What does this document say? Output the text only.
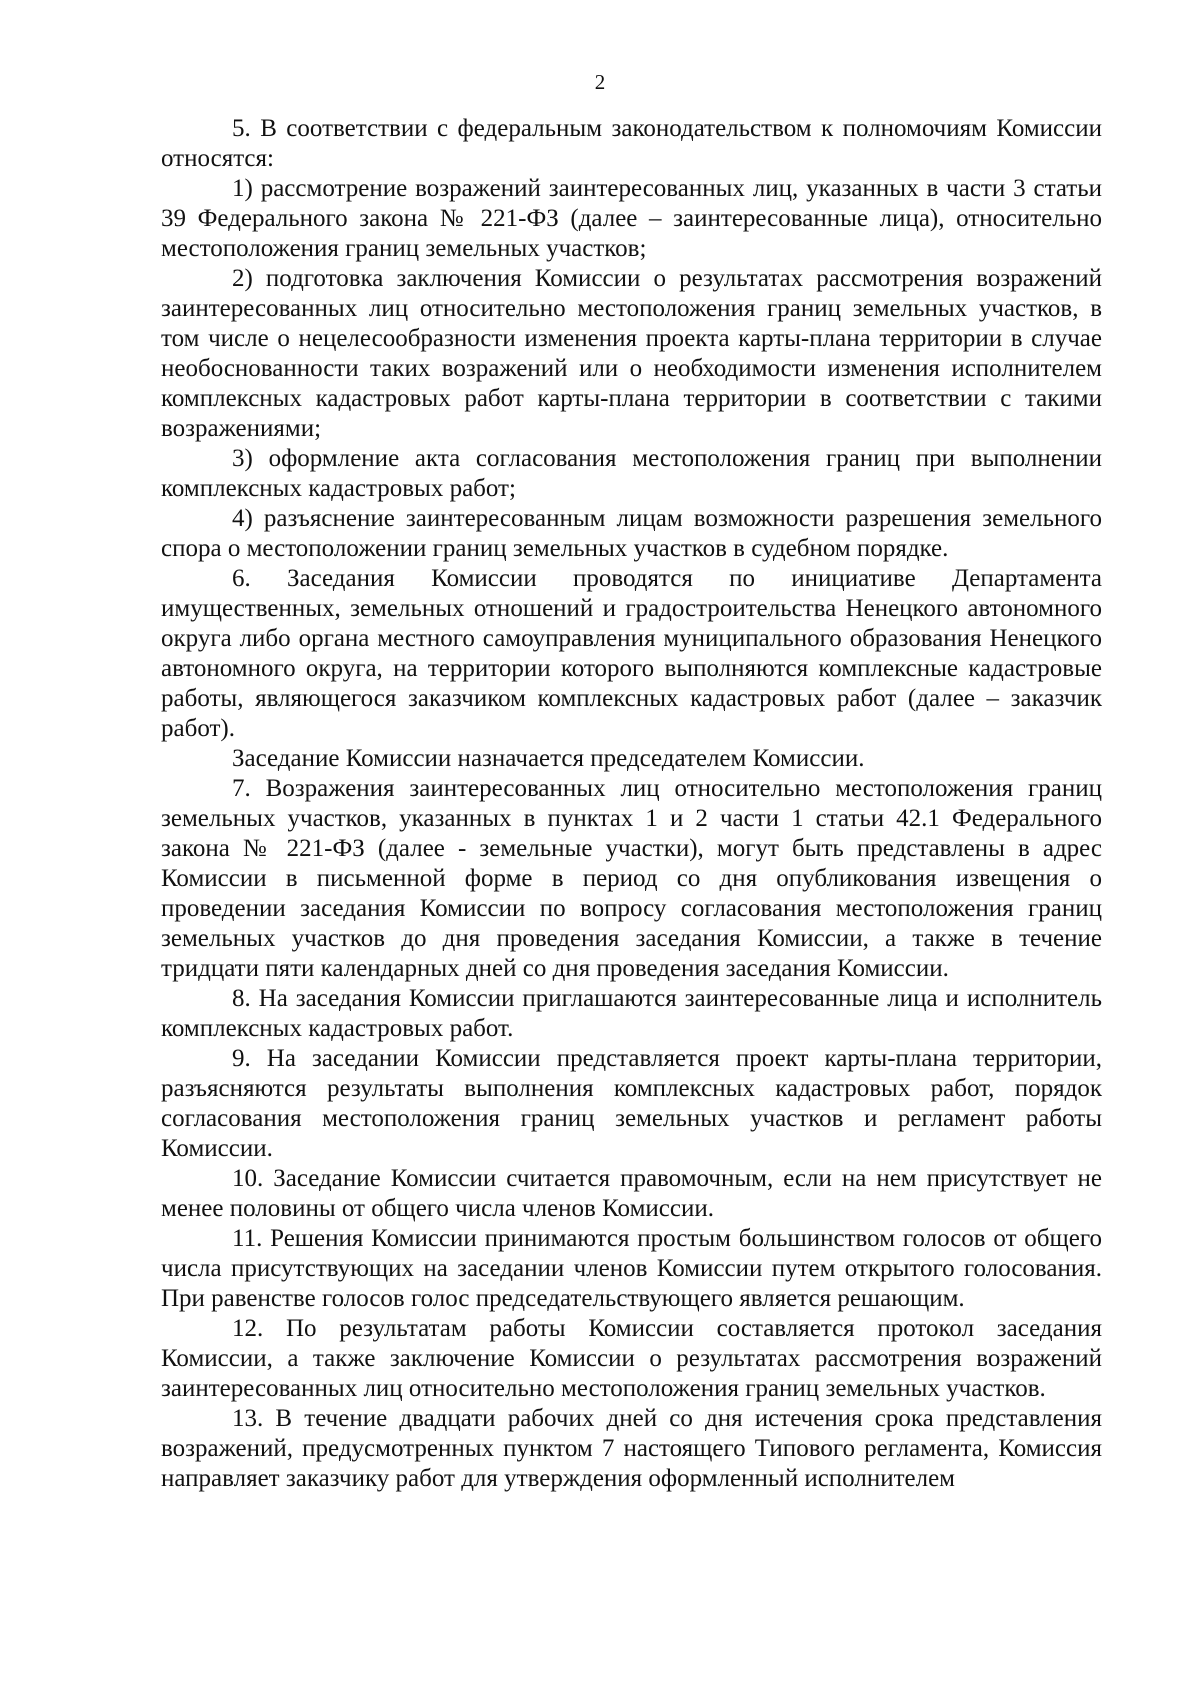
2

5. В соответствии с федеральным законодательством к полномочиям Комиссии относятся:

1) рассмотрение возражений заинтересованных лиц, указанных в части 3 статьи 39 Федерального закона № 221-ФЗ (далее – заинтересованные лица), относительно местоположения границ земельных участков;

2) подготовка заключения Комиссии о результатах рассмотрения возражений заинтересованных лиц относительно местоположения границ земельных участков, в том числе о нецелесообразности изменения проекта карты-плана территории в случае необоснованности таких возражений или о необходимости изменения исполнителем комплексных кадастровых работ карты-плана территории в соответствии с такими возражениями;

3) оформление акта согласования местоположения границ при выполнении комплексных кадастровых работ;

4) разъяснение заинтересованным лицам возможности разрешения земельного спора о местоположении границ земельных участков в судебном порядке.

6. Заседания Комиссии проводятся по инициативе Департамента имущественных, земельных отношений и градостроительства Ненецкого автономного округа либо органа местного самоуправления муниципального образования Ненецкого автономного округа, на территории которого выполняются комплексные кадастровые работы, являющегося заказчиком комплексных кадастровых работ (далее – заказчик работ).

Заседание Комиссии назначается председателем Комиссии.

7. Возражения заинтересованных лиц относительно местоположения границ земельных участков, указанных в пунктах 1 и 2 части 1 статьи 42.1 Федерального закона № 221-ФЗ (далее - земельные участки), могут быть представлены в адрес Комиссии в письменной форме в период со дня опубликования извещения о проведении заседания Комиссии по вопросу согласования местоположения границ земельных участков до дня проведения заседания Комиссии, а также в течение тридцати пяти календарных дней со дня проведения заседания Комиссии.

8. На заседания Комиссии приглашаются заинтересованные лица и исполнитель комплексных кадастровых работ.

9. На заседании Комиссии представляется проект карты-плана территории, разъясняются результаты выполнения комплексных кадастровых работ, порядок согласования местоположения границ земельных участков и регламент работы Комиссии.

10. Заседание Комиссии считается правомочным, если на нем присутствует не менее половины от общего числа членов Комиссии.

11. Решения Комиссии принимаются простым большинством голосов от общего числа присутствующих на заседании членов Комиссии путем открытого голосования. При равенстве голосов голос председательствующего является решающим.

12. По результатам работы Комиссии составляется протокол заседания Комиссии, а также заключение Комиссии о результатах рассмотрения возражений заинтересованных лиц относительно местоположения границ земельных участков.

13. В течение двадцати рабочих дней со дня истечения срока представления возражений, предусмотренных пунктом 7 настоящего Типового регламента, Комиссия направляет заказчику работ для утверждения оформленный исполнителем
